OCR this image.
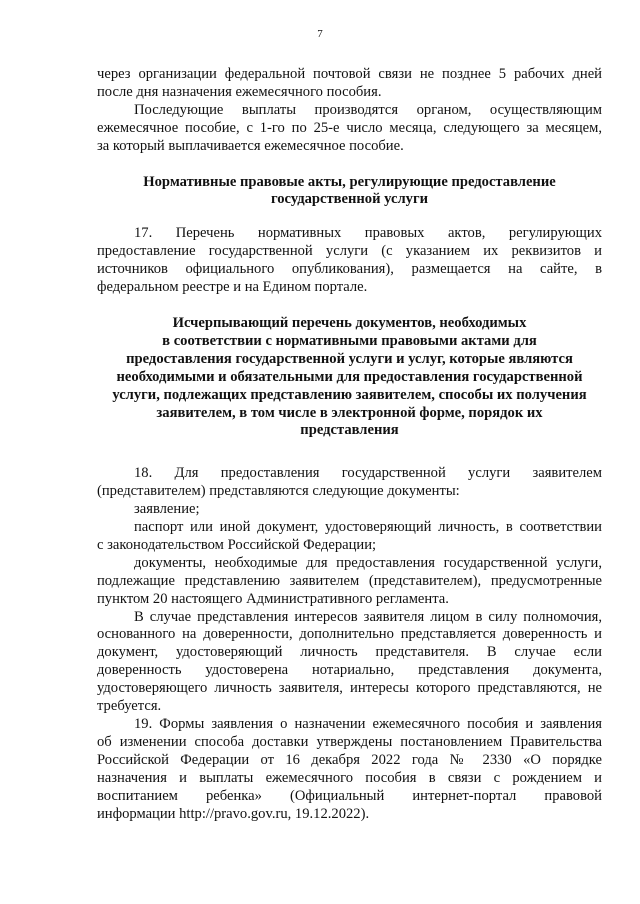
7

через организации федеральной почтовой связи не позднее 5 рабочих дней

после дня назначения ежемесячного пособия.

Последующие выплаты производятся органом, осуществляющим

ежемесячное пособие, с 1-го по 25-е число месяца, следующего за месяцем,

за который выплачивается ежемесячное пособие.

Нормативные правовые акты, регулирующие предоставление

государственной услуги

17. Перечень нормативных правовых актов, регулирующих

предоставление государственной услуги (с указанием их реквизитов и

источников официального опубликования), размещается на сайте, в

федеральном реестре и на Едином портале.

Исчерпывающий перечень документов, необходимых

в соответствии с нормативными правовыми актами для

предоставления государственной услуги и услуг, которые являются

необходимыми и обязательными для предоставления государственной

услуги, подлежащих представлению заявителем, способы их получения

заявителем, в том числе в электронной форме, порядок их

представления

18. Для предоставления государственной услуги заявителем

(представителем) представляются следующие документы:

заявление;

паспорт или иной документ, удостоверяющий личность, в соответствии

с законодательством Российской Федерации;

документы, необходимые для предоставления государственной услуги,

подлежащие представлению заявителем (представителем), предусмотренные

пунктом 20 настоящего Административного регламента.

В случае представления интересов заявителя лицом в силу полномочия,

основанного на доверенности, дополнительно представляется доверенность и

документ, удостоверяющий личность представителя. В случае если

доверенность удостоверена нотариально, представления документа,

удостоверяющего личность заявителя, интересы которого представляются, не

требуется.

19. Формы заявления о назначении ежемесячного пособия и заявления

об изменении способа доставки утверждены постановлением Правительства

Российской Федерации от 16 декабря 2022 года № 2330 «О порядке

назначения и выплаты ежемесячного пособия в связи с рождением и

воспитанием ребенка» (Официальный интернет-портал правовой

информации http://pravo.gov.ru, 19.12.2022).
